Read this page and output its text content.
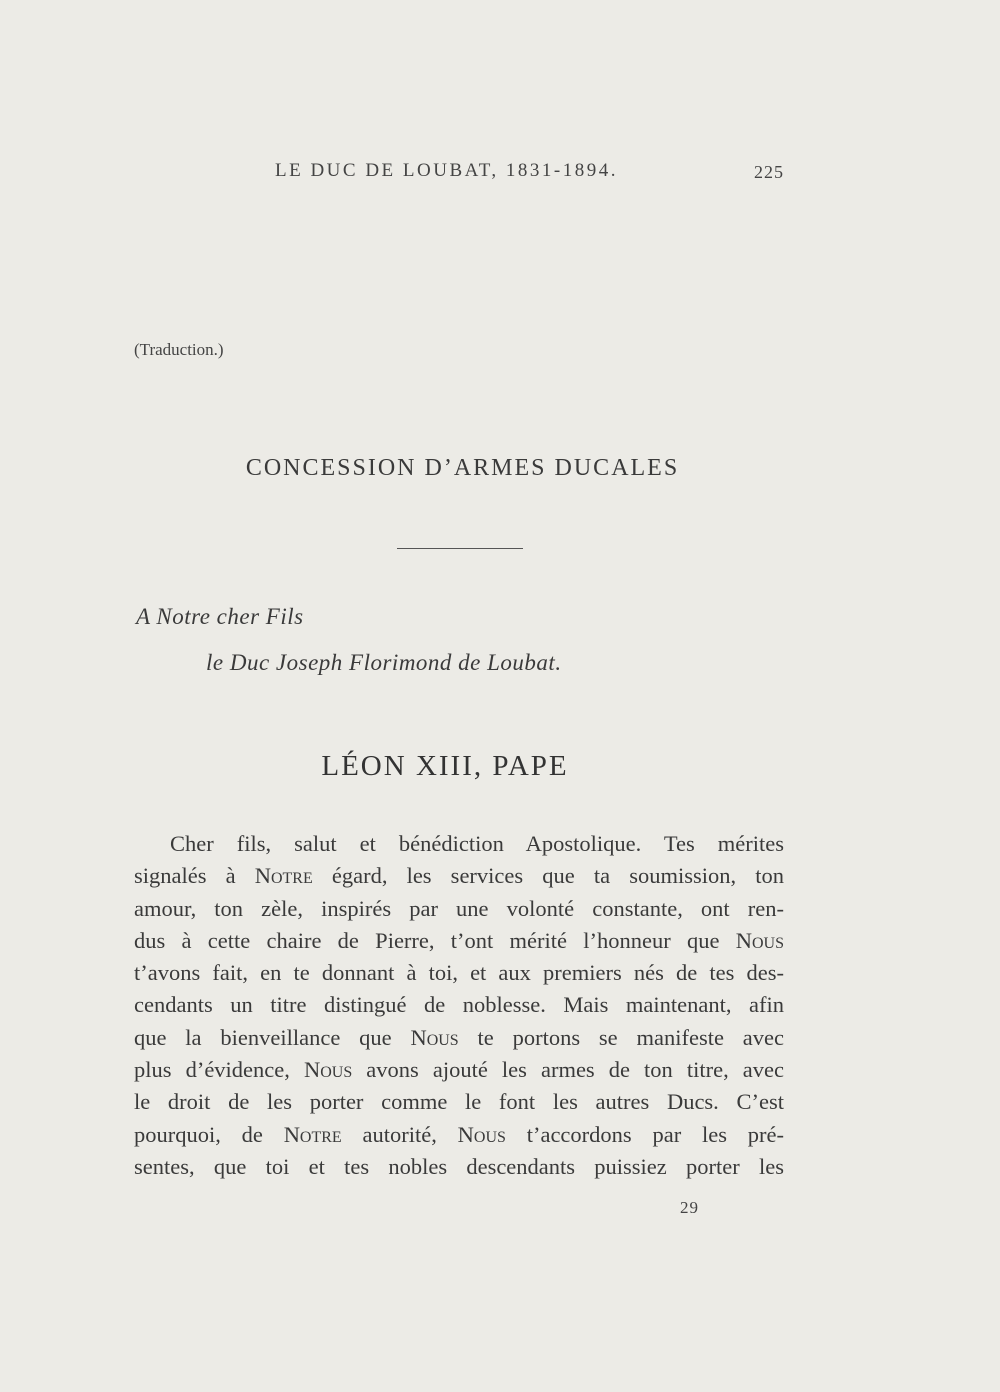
LE DUC DE LOUBAT, 1831-1894.	225
(Traduction.)
CONCESSION D’ARMES DUCALES
A Notre cher Fils
le Duc Joseph Florimond de Loubat.
LÉON XIII, PAPE
Cher fils, salut et bénédiction Apostolique. Tes mérites
signalés à Notre égard, les services que ta soumission, ton
amour, ton zèle, inspirés par une volonté constante, ont ren-
dus à cette chaire de Pierre, t’ont mérité l’honneur que Nous
t’avons fait, en te donnant à toi, et aux premiers nés de tes des-
cendants un titre distingué de noblesse. Mais maintenant, afin
que la bienveillance que Nous te portons se manifeste avec
plus d’évidence, Nous avons ajouté les armes de ton titre, avec
le droit de les porter comme le font les autres Ducs. C’est
pourquoi, de Notre autorité, Nous t’accordons par les pré-
sentes, que toi et tes nobles descendants puissiez porter les
29
